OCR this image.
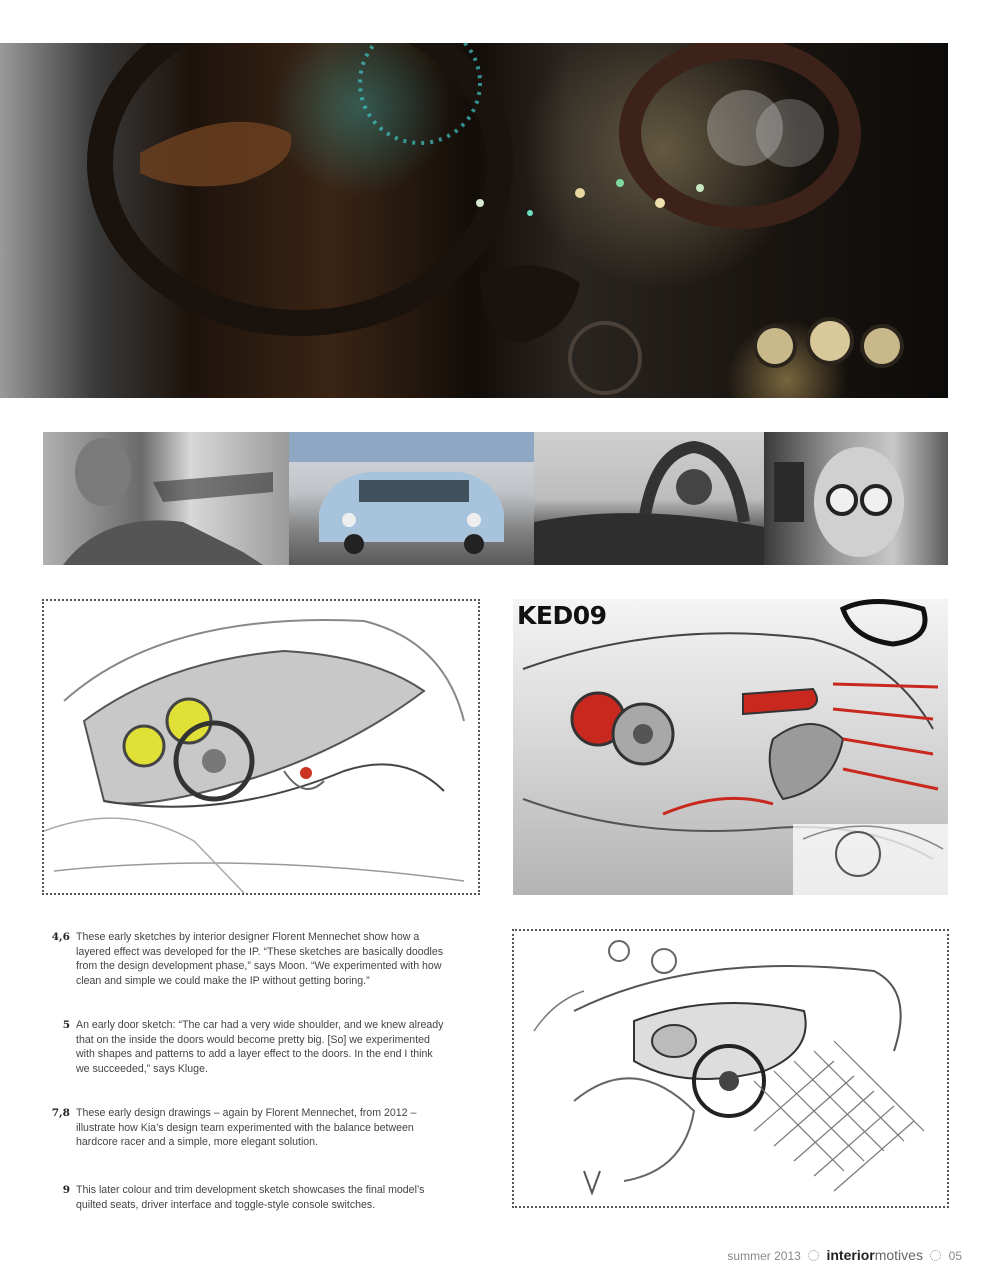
KED09
4,6 These early sketches by interior designer Florent Mennechet show how a layered effect was developed for the IP. “These sketches are basically doodles from the design development phase,” says Moon. “We experimented with how clean and simple we could make the IP without getting boring.”
5 An early door sketch: “The car had a very wide shoulder, and we knew already that on the inside the doors would become pretty big. [So] we experimented with shapes and patterns to add a layer effect to the doors. In the end I think we succeeded,” says Kluge.
7,8 These early design drawings – again by Florent Mennechet, from 2012 – illustrate how Kia’s design team experimented with the balance between hardcore racer and a simple, more elegant solution.
9 This later colour and trim development sketch showcases the final model’s quilted seats, driver interface and toggle-style console switches.
summer 2013 interiormotives 05
